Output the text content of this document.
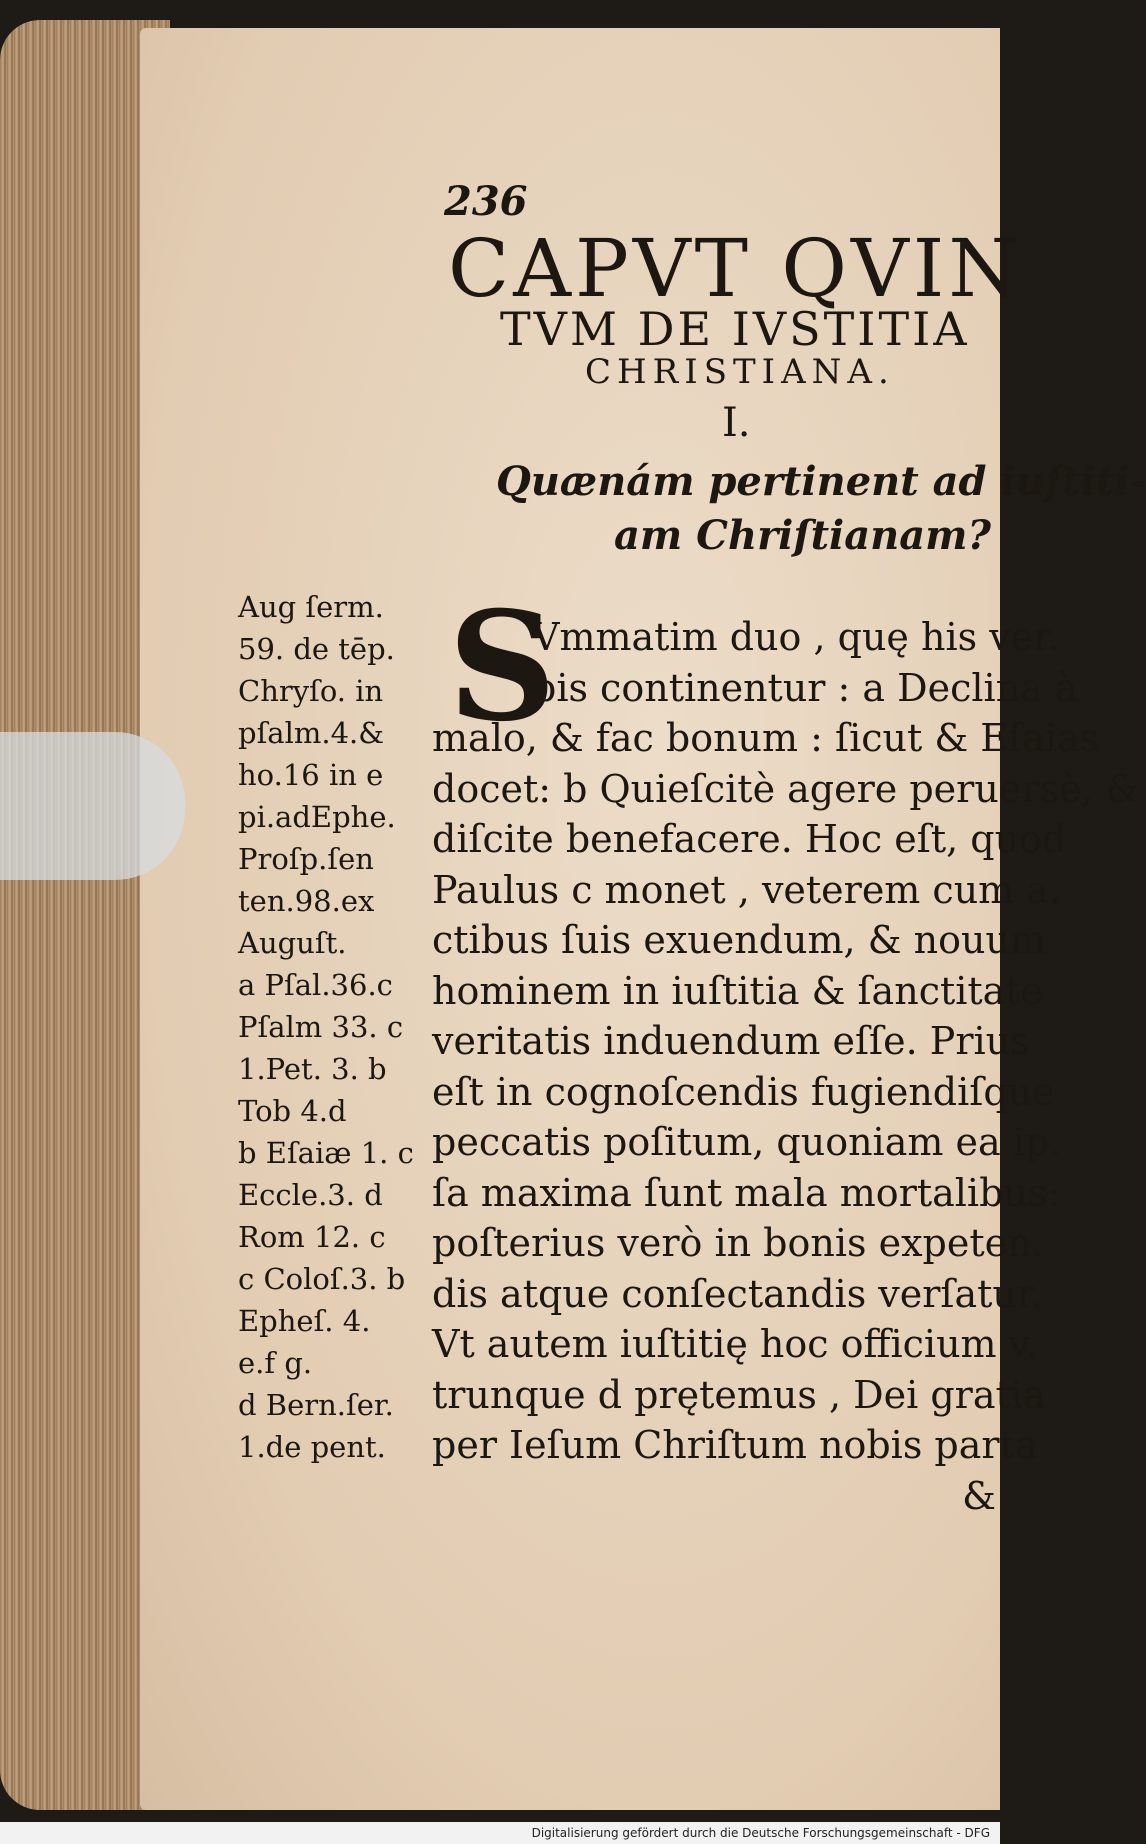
236
CAPVT QVIN
TVM DE IVSTITIA
CHRISTIANA.
I.
Quænám pertinent ad iuſtiti-
am Chriſtianam?
Aug ſerm.
59. de tēp.
Chryſo. in
pſalm.4.&
ho.16 in e
pi.adEphe.
Proſp.ſen
ten.98.ex
Auguſt.
a Pſal.36.c
Pſalm 33. c
1.Pet. 3. b
Tob 4.d
b Eſaiæ 1. c
Eccle.3. d
Rom 12. c
c Coloſ.3. b
Epheſ. 4.
e.f g.
d Bern.ſer.
1.de pent.
S
Vmmatim duo , quę his ver.
bis continentur : a Declina à
malo, & fac bonum : ſicut & Eſaias
docet: b Quieſcitè agere peruersè, &
diſcite benefacere. Hoc eſt, quod
Paulus c monet , veterem cum a.
ctibus ſuis exuendum, & nouum
hominem in iuſtitia & ſanctitate
veritatis induendum eſſe. Prius
eſt in cognoſcendis fugiendiſque
peccatis poſitum, quoniam ea ip.
ſa maxima ſunt mala mortalibus:
poſterius verò in bonis expeten.
dis atque conſectandis verſatur.
Vt autem iuſtitię hoc officium v.
trunque d prętemus , Dei gratia
per Ieſum Chriſtum nobis parta
&
Digitalisierung gefördert durch die Deutsche Forschungsgemeinschaft - DFG
